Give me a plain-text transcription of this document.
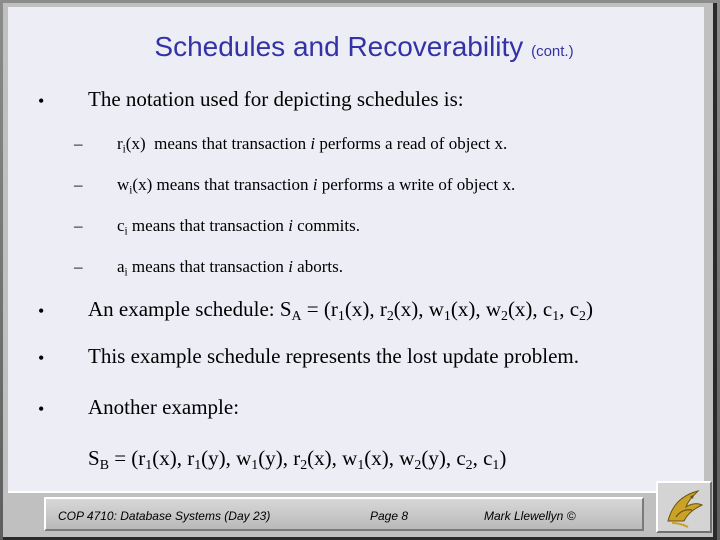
Schedules and Recoverability (cont.)
• The notation used for depicting schedules is:
– $r_i(x)$  means that transaction i performs a read of object x.
– $w_i(x)$ means that transaction i performs a write of object x.
– $c_i$ means that transaction i commits.
– $a_i$ means that transaction i aborts.
• An example schedule: $S_A = (r_1(x)$, $r_2(x)$, $w_1(x)$, $w_2(x)$, $c_1$, $c_2$)
• This example schedule represents the lost update problem.
• Another example:
$S_B = (r_1(x)$, $r_1(y)$, $w_1(y)$, $r_2(x)$, $w_1(x)$, $w_2(y)$, $c_2$, $c_1$)
COP 4710: Database Systems (Day 23)	Page 8	Mark Llewellyn ©
